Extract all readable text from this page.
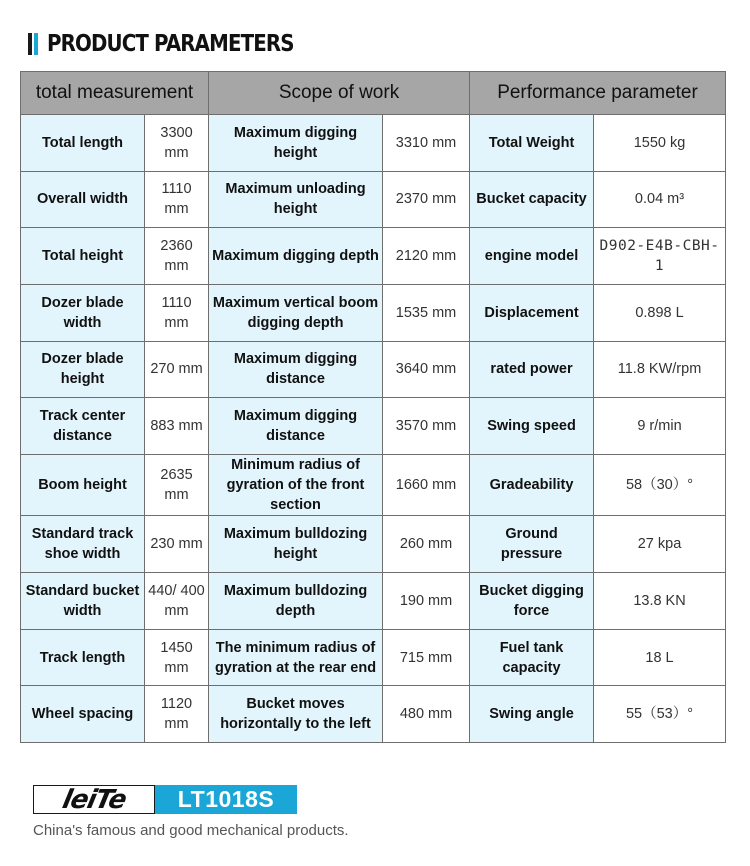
PRODUCT PARAMETERS
total measurement		Scope of work		Performance parameter	
Total length	3300 mm	Maximum digging height	3310 mm	Total Weight	1550 kg
Overall width	1110 mm	Maximum unloading height	2370 mm	Bucket capacity	0.04 m³
Total height	2360 mm	Maximum digging depth	2120 mm	engine model	D902-E4B-CBH-1
Dozer blade width	1110 mm	Maximum vertical boom digging depth	1535 mm	Displacement	0.898 L
Dozer blade height	270 mm	Maximum digging distance	3640 mm	rated power	11.8 KW/rpm
Track center distance	883 mm	Maximum digging distance	3570 mm	Swing speed	9 r/min
Boom height	2635 mm	Minimum radius of gyration of the front section	1660 mm	Gradeability	58（30）°
Standard track shoe width	230 mm	Maximum bulldozing height	260 mm	Ground pressure	27 kpa
Standard bucket width	440/ 400 mm	Maximum bulldozing depth	190 mm	Bucket digging force	13.8 KN
Track length	1450 mm	The minimum radius of gyration at the rear end	715 mm	Fuel tank capacity	18 L
Wheel spacing	1120 mm	Bucket moves horizontally to the left	480 mm	Swing angle	55（53）°
leiTe	LT1018S
China's famous and good mechanical products.
